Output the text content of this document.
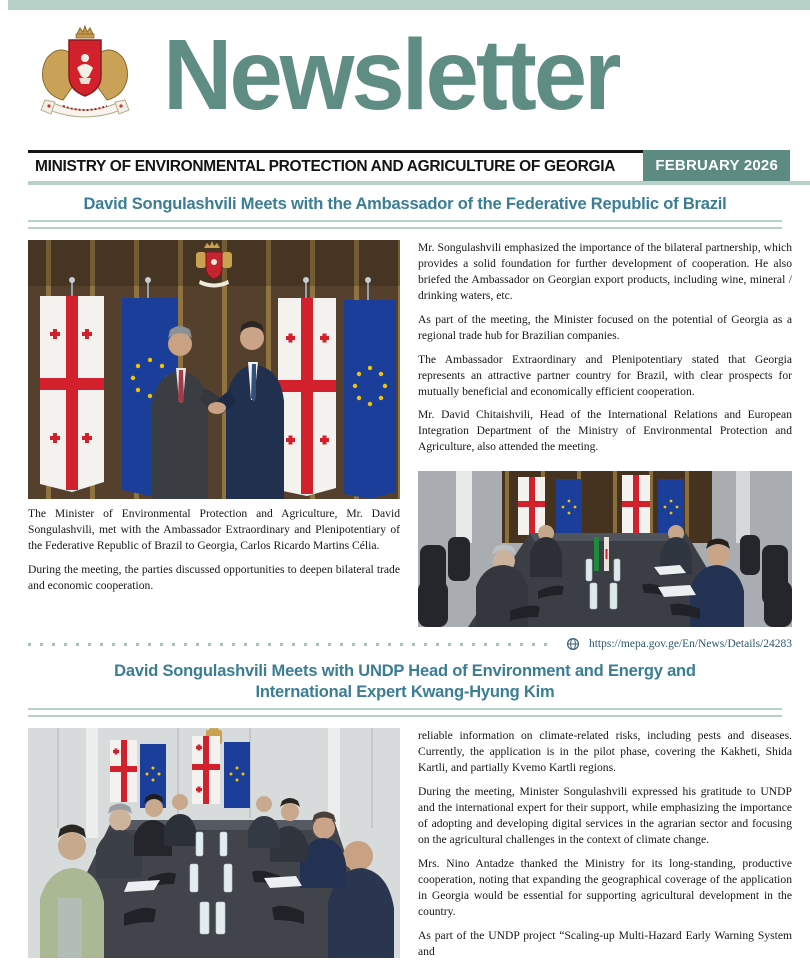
Newsletter
MINISTRY OF ENVIRONMENTAL PROTECTION AND AGRICULTURE OF GEORGIA	FEBRUARY 2026
David Songulashvili Meets with the Ambassador of the Federative Republic of Brazil

The Minister of Environmental Protection and Agriculture, Mr. David Songulashvili, met with the Ambassador Extraordinary and Plenipotentiary of the Federative Republic of Brazil to Georgia, Carlos Ricardo Martins Célia.

During the meeting, the parties discussed opportunities to deepen bilateral trade and economic cooperation.

Mr. Songulashvili emphasized the importance of the bilateral partnership, which provides a solid foundation for further development of cooperation. He also briefed the Ambassador on Georgian export products, including wine, mineral / drinking waters, etc.

As part of the meeting, the Minister focused on the potential of Georgia as a regional trade hub for Brazilian companies.

The Ambassador Extraordinary and Plenipotentiary stated that Georgia represents an attractive partner country for Brazil, with clear prospects for mutually beneficial and economically efficient cooperation.

Mr. David Chitaishvili, Head of the International Relations and European Integration Department of the Ministry of Environmental Protection and Agriculture, also attended the meeting.

https://mepa.gov.ge/En/News/Details/24283
David Songulashvili Meets with UNDP Head of Environment and Energy and International Expert Kwang-Hyung Kim

reliable information on climate-related risks, including pests and diseases. Currently, the application is in the pilot phase, covering the Kakheti, Shida Kartli, and partially Kvemo Kartli regions.

During the meeting, Minister Songulashvili expressed his gratitude to UNDP and the international expert for their support, while emphasizing the importance of adopting and developing digital services in the agrarian sector and focusing on the agricultural challenges in the context of climate change.

Mrs. Nino Antadze thanked the Ministry for its long-standing, productive cooperation, noting that expanding the geographical coverage of the application in Georgia would be essential for supporting agricultural development in the country.

As part of the UNDP project “Scaling-up Multi-Hazard Early Warning System and
